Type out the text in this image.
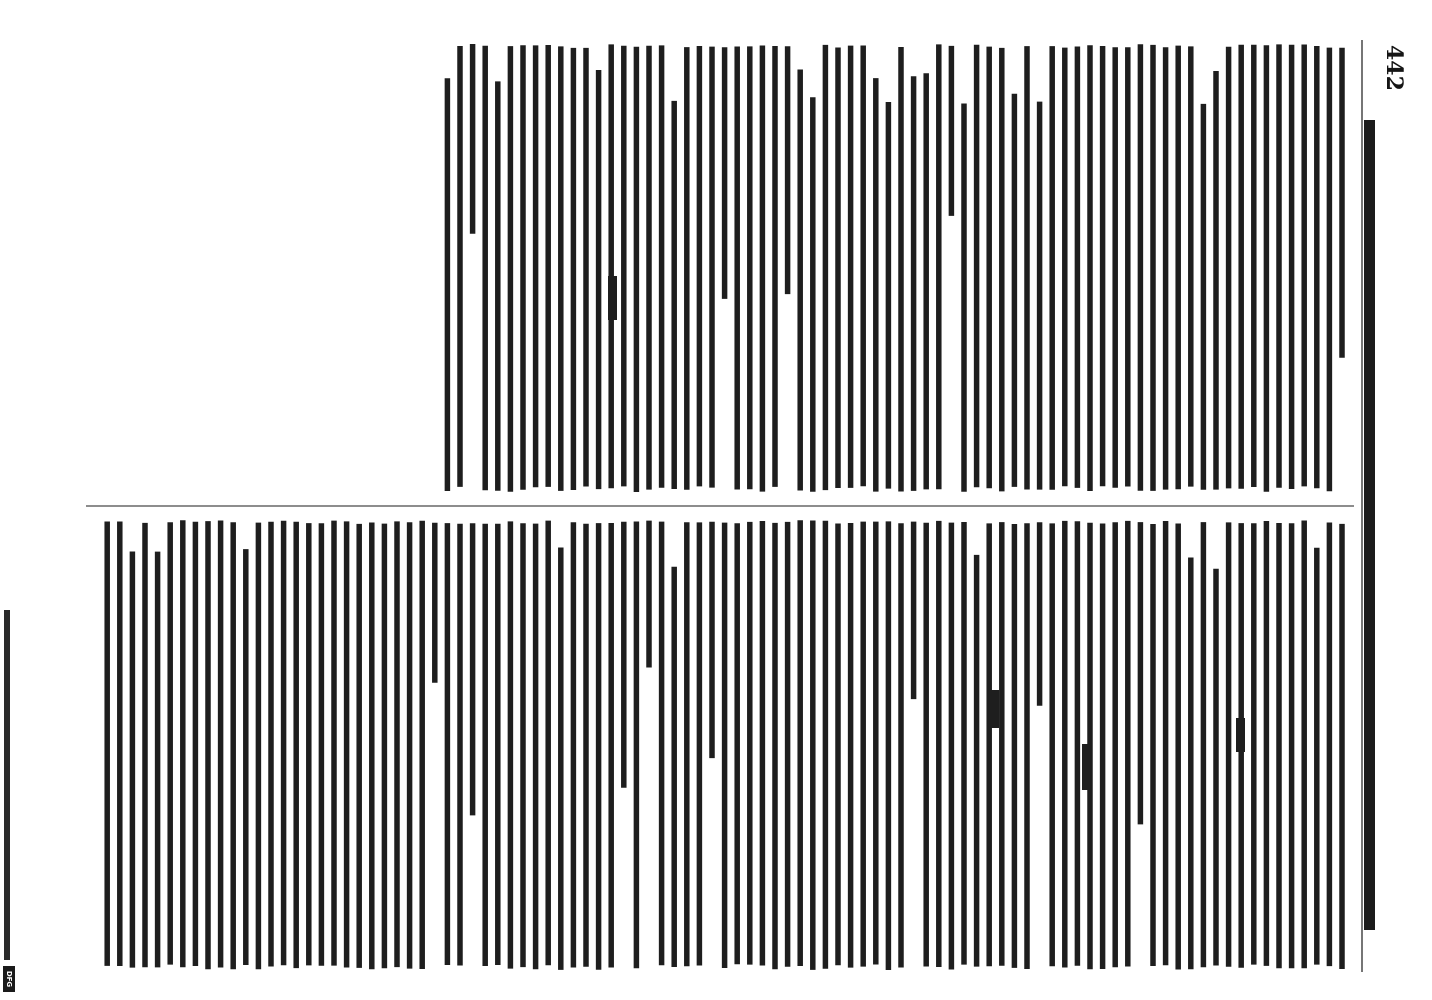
442
DFG
